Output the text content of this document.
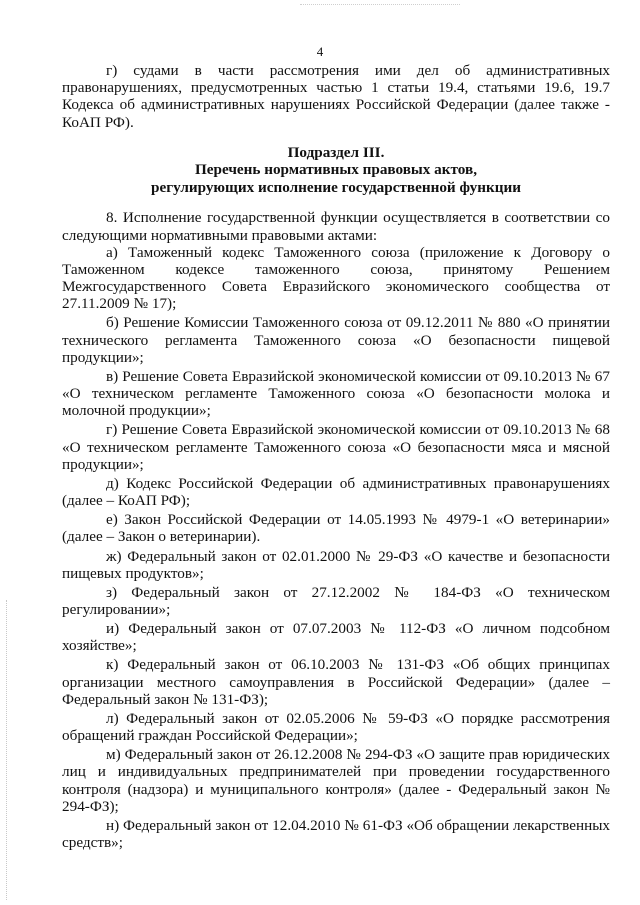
4

г) судами в части рассмотрения ими дел об административных правонарушениях, предусмотренных частью 1 статьи 19.4, статьями 19.6, 19.7 Кодекса об административных нарушениях Российской Федерации (далее также - КоАП РФ).

Подраздел III.
Перечень нормативных правовых актов,
регулирующих исполнение государственной функции

8. Исполнение государственной функции осуществляется в соответствии со следующими нормативными правовыми актами:

а) Таможенный кодекс Таможенного союза (приложение к Договору о Таможенном кодексе таможенного союза, принятому Решением Межгосударственного Совета Евразийского экономического сообщества от 27.11.2009 № 17);

б) Решение Комиссии Таможенного союза от 09.12.2011 № 880 «О принятии технического регламента Таможенного союза «О безопасности пищевой продукции»;

в) Решение Совета Евразийской экономической комиссии от 09.10.2013 № 67 «О техническом регламенте Таможенного союза «О безопасности молока и молочной продукции»;

г) Решение Совета Евразийской экономической комиссии от 09.10.2013 № 68 «О техническом регламенте Таможенного союза «О безопасности мяса и мясной продукции»;

д) Кодекс Российской Федерации об административных правонарушениях (далее – КоАП РФ);

е) Закон Российской Федерации от 14.05.1993 № 4979-1 «О ветеринарии» (далее – Закон о ветеринарии).

ж) Федеральный закон от 02.01.2000 № 29-ФЗ «О качестве и безопасности пищевых продуктов»;

з) Федеральный закон от 27.12.2002 № 184-ФЗ «О техническом регулировании»;

и) Федеральный закон от 07.07.2003 № 112-ФЗ «О личном подсобном хозяйстве»;

к) Федеральный закон от 06.10.2003 № 131-ФЗ «Об общих принципах организации местного самоуправления в Российской Федерации» (далее – Федеральный закон № 131-ФЗ);

л) Федеральный закон от 02.05.2006 № 59-ФЗ «О порядке рассмотрения обращений граждан Российской Федерации»;

м) Федеральный закон от 26.12.2008 № 294-ФЗ «О защите прав юридических лиц и индивидуальных предпринимателей при проведении государственного контроля (надзора) и муниципального контроля» (далее - Федеральный закон № 294-ФЗ);

н) Федеральный закон от 12.04.2010 № 61-ФЗ «Об обращении лекарственных средств»;
